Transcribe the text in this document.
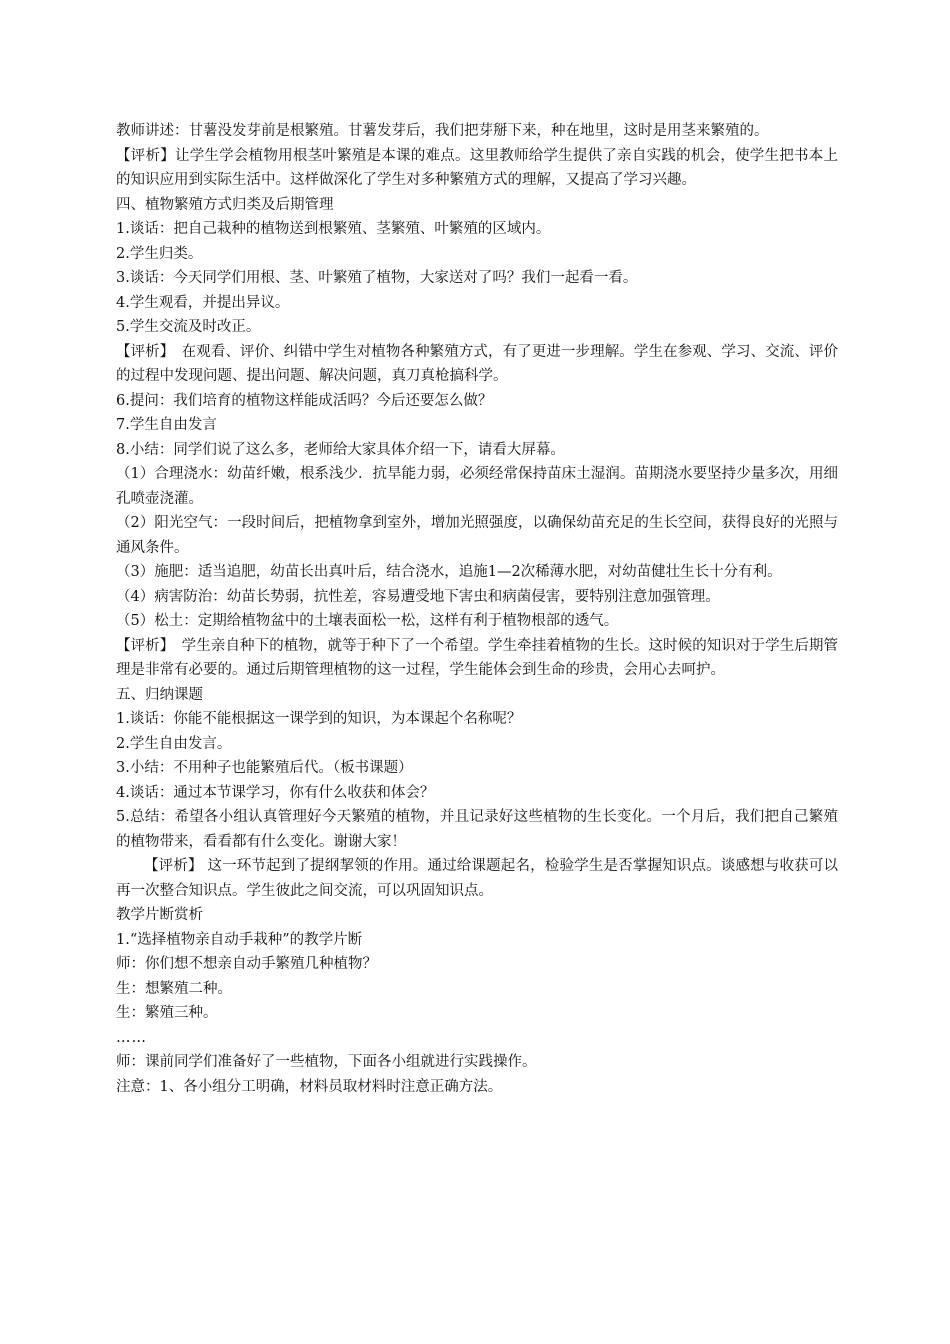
教师讲述：甘薯没发芽前是根繁殖。甘薯发芽后，我们把芽掰下来，种在地里，这时是用茎来繁殖的。

【评析】让学生学会植物用根茎叶繁殖是本课的难点。这里教师给学生提供了亲自实践的机会，使学生把书本上的知识应用到实际生活中。这样做深化了学生对多种繁殖方式的理解，又提高了学习兴趣。

四、植物繁殖方式归类及后期管理

1.谈话：把自己栽种的植物送到根繁殖、茎繁殖、叶繁殖的区域内。

2.学生归类。

3.谈话：今天同学们用根、茎、叶繁殖了植物，大家送对了吗？我们一起看一看。

4.学生观看，并提出异议。

5.学生交流及时改正。

【评析】　在观看、评价、纠错中学生对植物各种繁殖方式，有了更进一步理解。学生在参观、学习、交流、评价的过程中发现问题、提出问题、解决问题，真刀真枪搞科学。

6.提问：我们培育的植物这样能成活吗？今后还要怎么做？

7.学生自由发言

8.小结：同学们说了这么多，老师给大家具体介绍一下，请看大屏幕。

（1）合理浇水：幼苗纤嫩，根系浅少．抗旱能力弱，必须经常保持苗床土湿润。苗期浇水要坚持少量多次，用细孔喷壶浇灌。

（2）阳光空气：一段时间后，把植物拿到室外，增加光照强度，以确保幼苗充足的生长空间，获得良好的光照与通风条件。

（3）施肥：适当追肥，幼苗长出真叶后，结合浇水，追施1—2次稀薄水肥，对幼苗健壮生长十分有利。

（4）病害防治：幼苗长势弱，抗性差，容易遭受地下害虫和病菌侵害，要特别注意加强管理。

（5）松土：定期给植物盆中的土壤表面松一松，这样有利于植物根部的透气。

【评析】　学生亲自种下的植物，就等于种下了一个希望。学生牵挂着植物的生长。这时候的知识对于学生后期管理是非常有必要的。通过后期管理植物的这一过程，学生能体会到生命的珍贵，会用心去呵护。

五、归纳课题

1.谈话：你能不能根据这一课学到的知识，为本课起个名称呢？

2.学生自由发言。

3.小结：不用种子也能繁殖后代。（板书课题）

4.谈话：通过本节课学习，你有什么收获和体会？

5.总结：希望各小组认真管理好今天繁殖的植物，并且记录好这些植物的生长变化。一个月后，我们把自己繁殖的植物带来，看看都有什么变化。谢谢大家！

【评析】 这一环节起到了提纲挈领的作用。通过给课题起名，检验学生是否掌握知识点。谈感想与收获可以再一次整合知识点。学生彼此之间交流，可以巩固知识点。

教学片断赏析

1.“选择植物亲自动手栽种”的教学片断

师：你们想不想亲自动手繁殖几种植物？

生：想繁殖二种。

生：繁殖三种。

……

师：课前同学们准备好了一些植物，下面各小组就进行实践操作。

注意：1、各小组分工明确，材料员取材料时注意正确方法。
